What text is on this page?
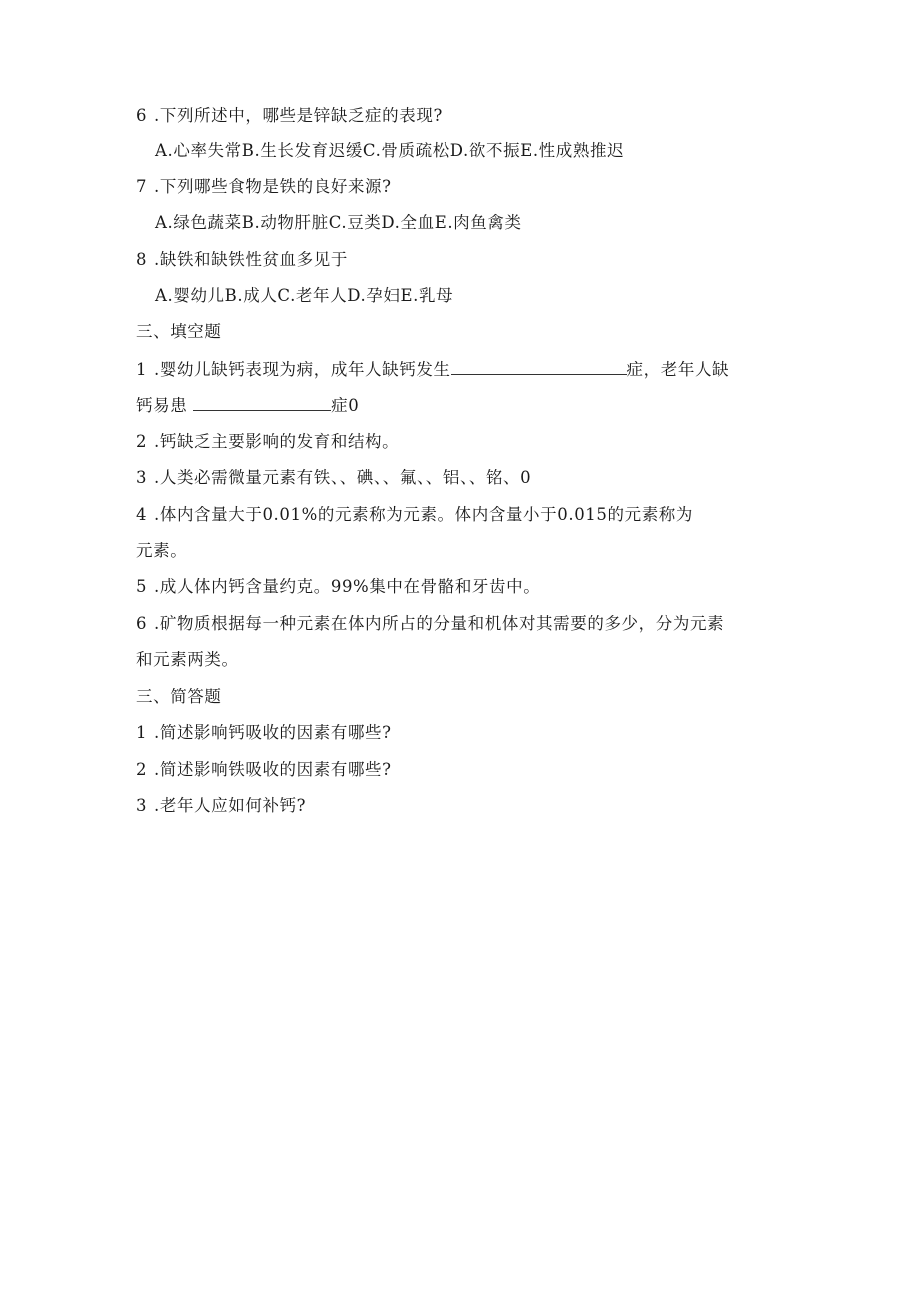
6 .下列所述中，哪些是锌缺乏症的表现?
A.心率失常B.生长发育迟缓C.骨质疏松D.欲不振E.性成熟推迟
7 .下列哪些食物是铁的良好来源?
A.绿色蔬菜B.动物肝脏C.豆类D.全血E.肉鱼禽类
8 .缺铁和缺铁性贫血多见于
A.婴幼儿B.成人C.老年人D.孕妇E.乳母
三、填空题
1 .婴幼儿缺钙表现为病，成年人缺钙发生	症，老年人缺
钙易患	症0
2 .钙缺乏主要影响的发育和结构。
3 .人类必需微量元素有铁、、碘、、氟、、铝、、铭、0
4 .体内含量大于0.01%的元素称为元素。体内含量小于0.015的元素称为
元素。
5 .成人体内钙含量约克。99%集中在骨骼和牙齿中。
6 .矿物质根据每一种元素在体内所占的分量和机体对其需要的多少，分为元素
和元素两类。
三、简答题
1 .简述影响钙吸收的因素有哪些?
2 .简述影响铁吸收的因素有哪些?
3 .老年人应如何补钙?
